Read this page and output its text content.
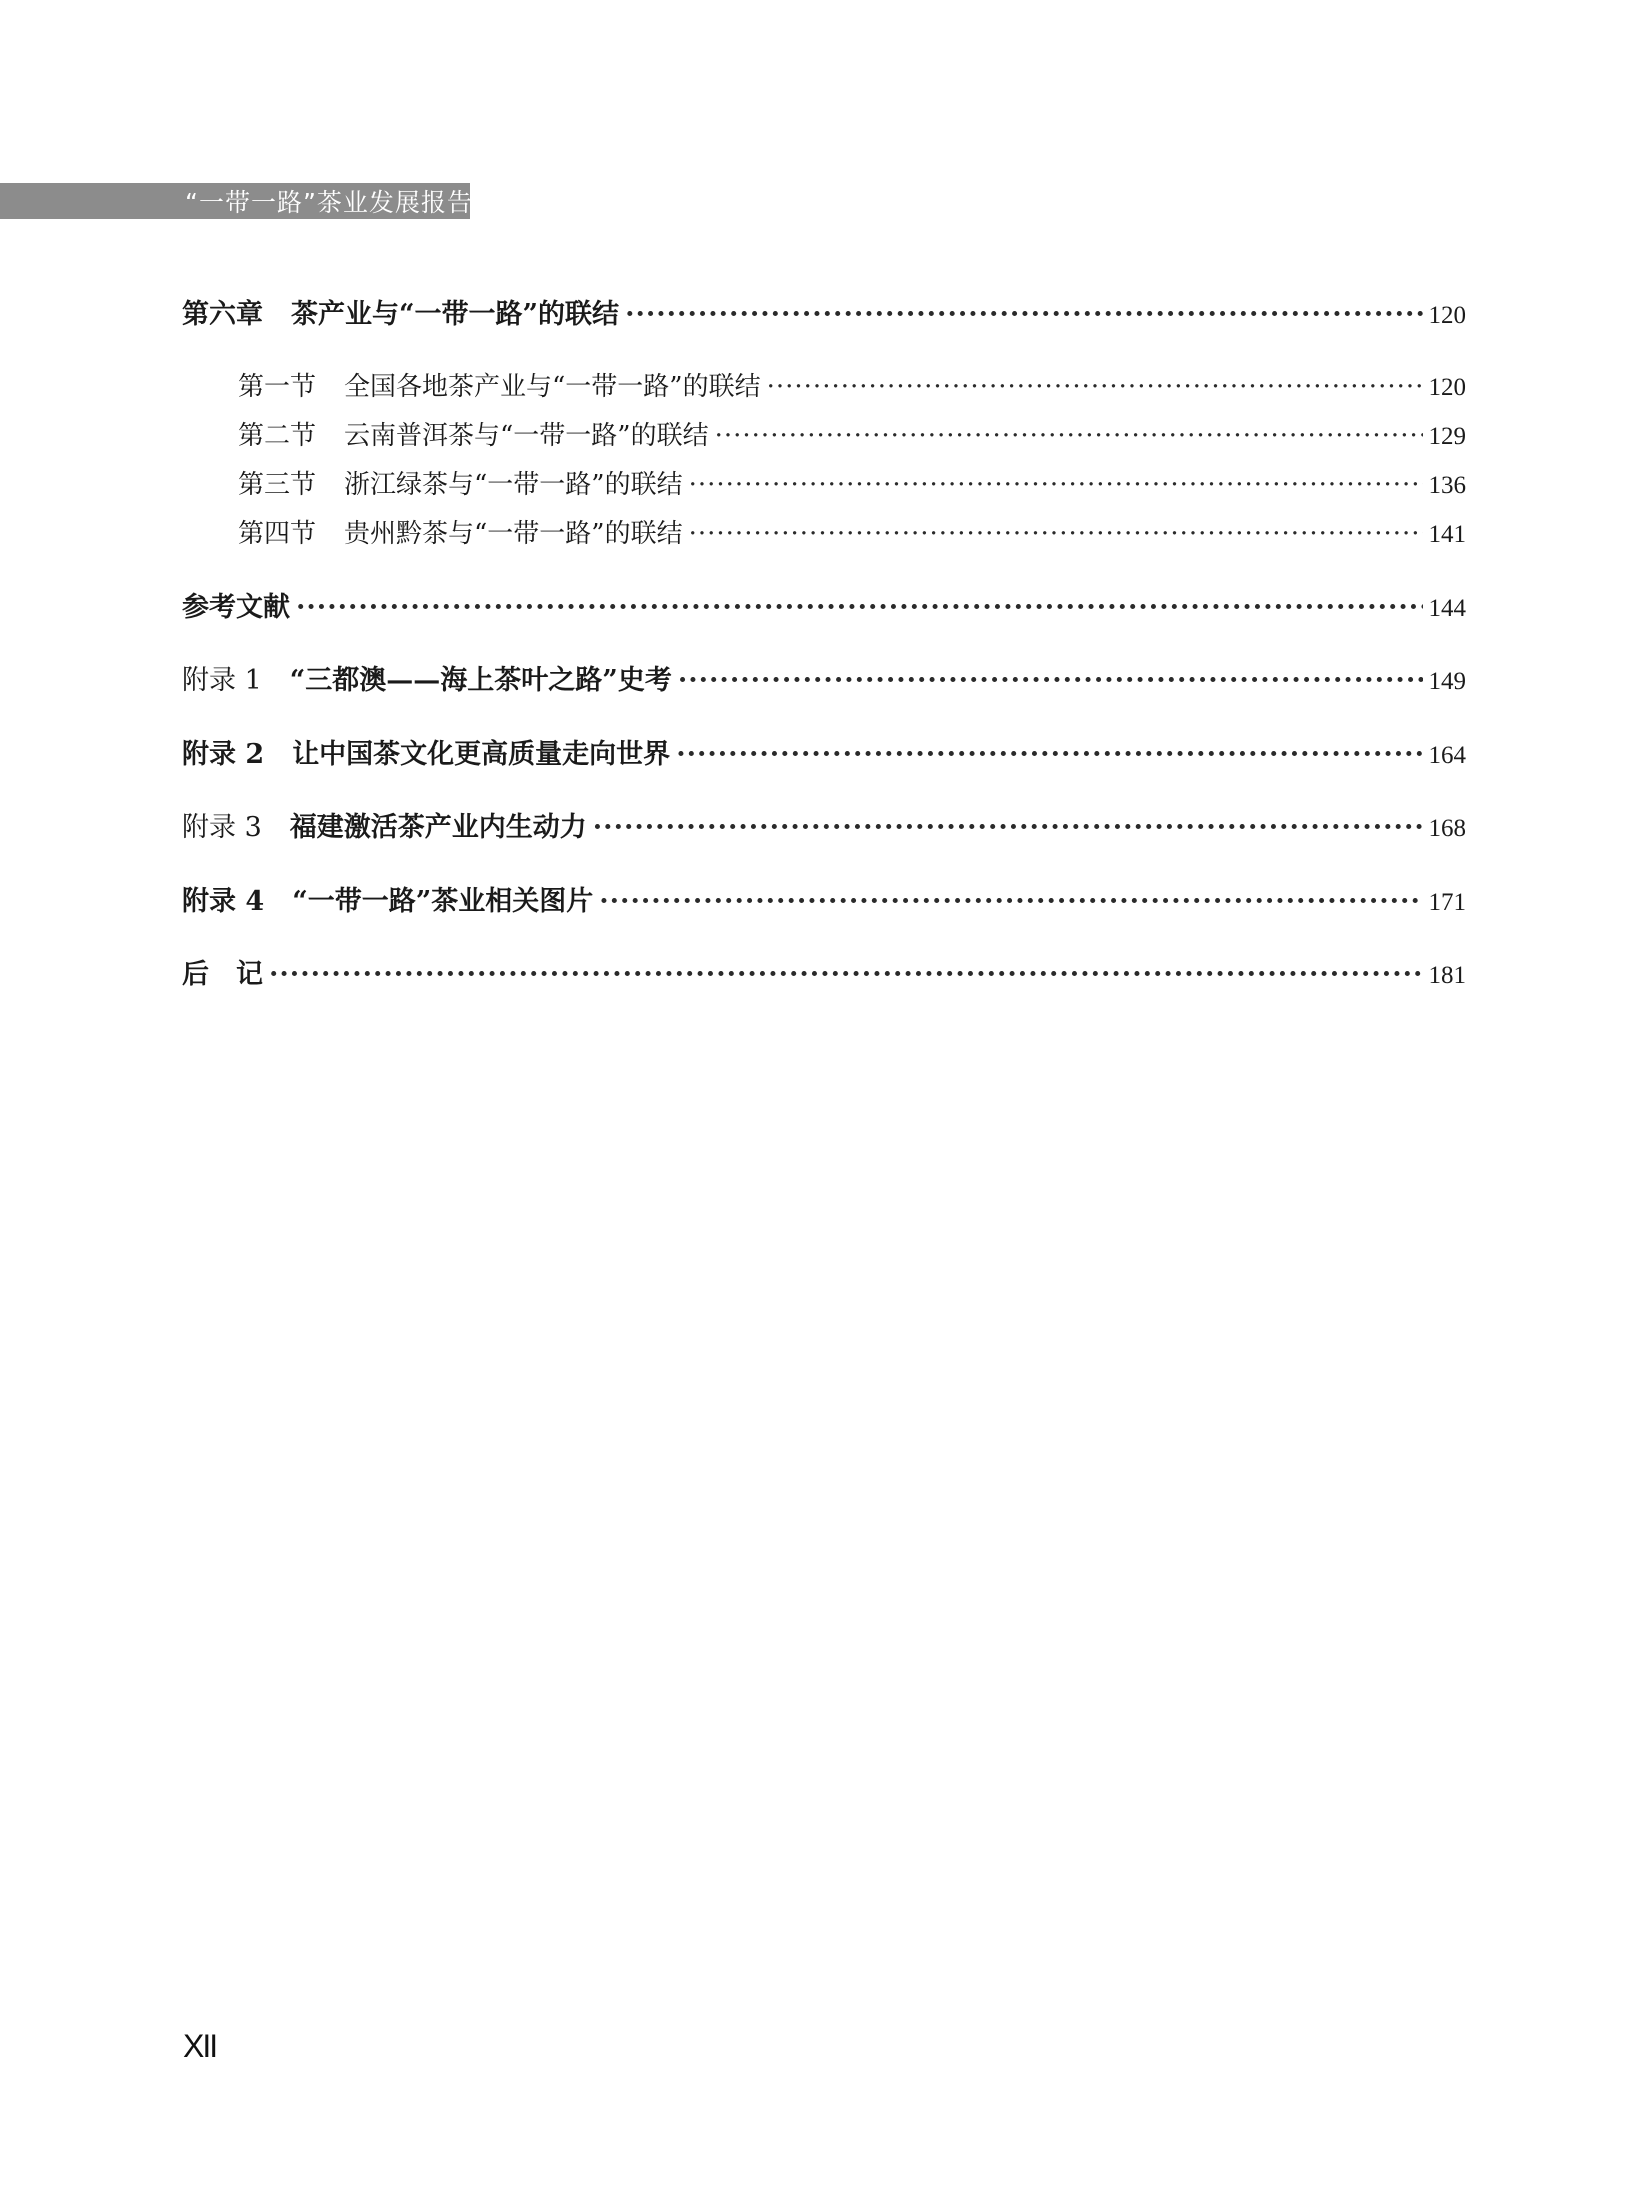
“一带一路”茶业发展报告
第六章 茶产业与“一带一路”的联结 ·····	120
第一节 全国各地茶产业与“一带一路”的联结 ·····	120
第二节 云南普洱茶与“一带一路”的联结 ·····	129
第三节 浙江绿茶与“一带一路”的联结 ·····	136
第四节 贵州黔茶与“一带一路”的联结 ·····	141
参考文献 ·····	144
附录 1 “三都澳——海上茶叶之路”史考 ·····	149
附录 2 让中国茶文化更高质量走向世界 ·····	164
附录 3 福建激活茶产业内生动力 ·····	168
附录 4 “一带一路”茶业相关图片 ·····	171
后　记 ·····	181
XII
